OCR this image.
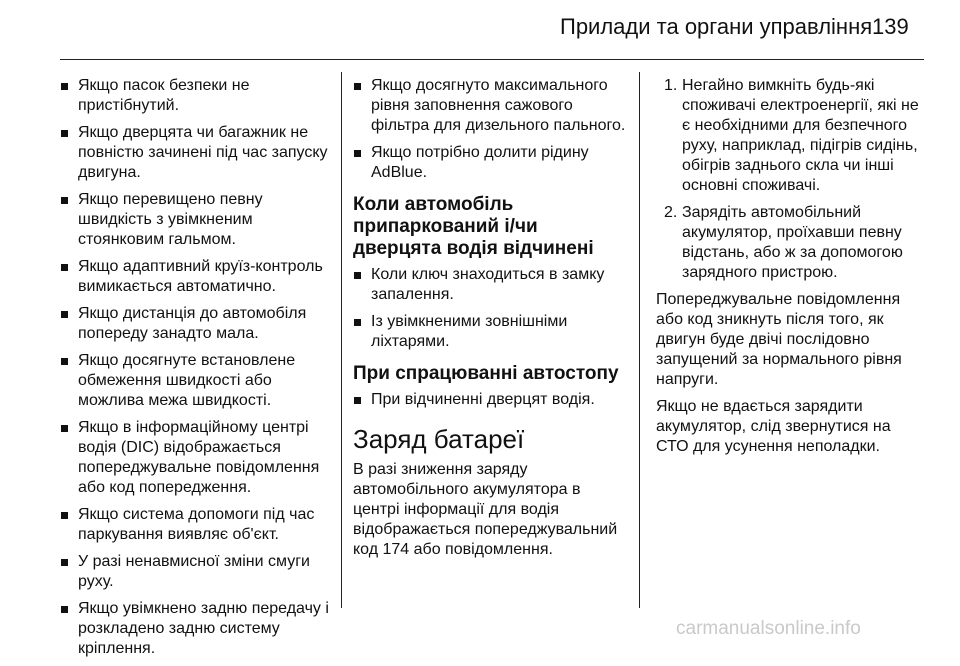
Прилади та органи управління 139
Якщо пасок безпеки не пристібнутий.
Якщо дверцята чи багажник не повністю зачинені під час запуску двигуна.
Якщо перевищено певну швидкість з увімкненим стоянковим гальмом.
Якщо адаптивний круїз-контроль вимикається автоматично.
Якщо дистанція до автомобіля попереду занадто мала.
Якщо досягнуте встановлене обмеження швидкості або можлива межа швидкості.
Якщо в інформаційному центрі водія (DIC) відображається попереджувальне повідомлення або код попередження.
Якщо система допомоги під час паркування виявляє об'єкт.
У разі ненавмисної зміни смуги руху.
Якщо увімкнено задню передачу і розкладено задню систему кріплення.
Якщо досягнуто максимального рівня заповнення сажового фільтра для дизельного пального.
Якщо потрібно долити рідину AdBlue.
Коли автомобіль припаркований і/чи дверцята водія відчинені
Коли ключ знаходиться в замку запалення.
Із увімкненими зовнішніми ліхтарями.
При спрацюванні автостопу
При відчиненні дверцят водія.
Заряд батареї

В разі зниження заряду автомобільного акумулятора в центрі інформації для водія відображається попереджувальний код 174 або повідомлення.

1. Негайно вимкніть будь-які споживачі електроенергії, які не є необхідними для безпечного руху, наприклад, підігрів сидінь, обігрів заднього скла чи інші основні споживачі.
2. Зарядіть автомобільний акумулятор, проїхавши певну відстань, або ж за допомогою зарядного пристрою.

Попереджувальне повідомлення або код зникнуть після того, як двигун буде двічі послідовно запущений за нормального рівня напруги.

Якщо не вдається зарядити акумулятор, слід звернутися на СТО для усунення неполадки.

carmanualsonline.info
